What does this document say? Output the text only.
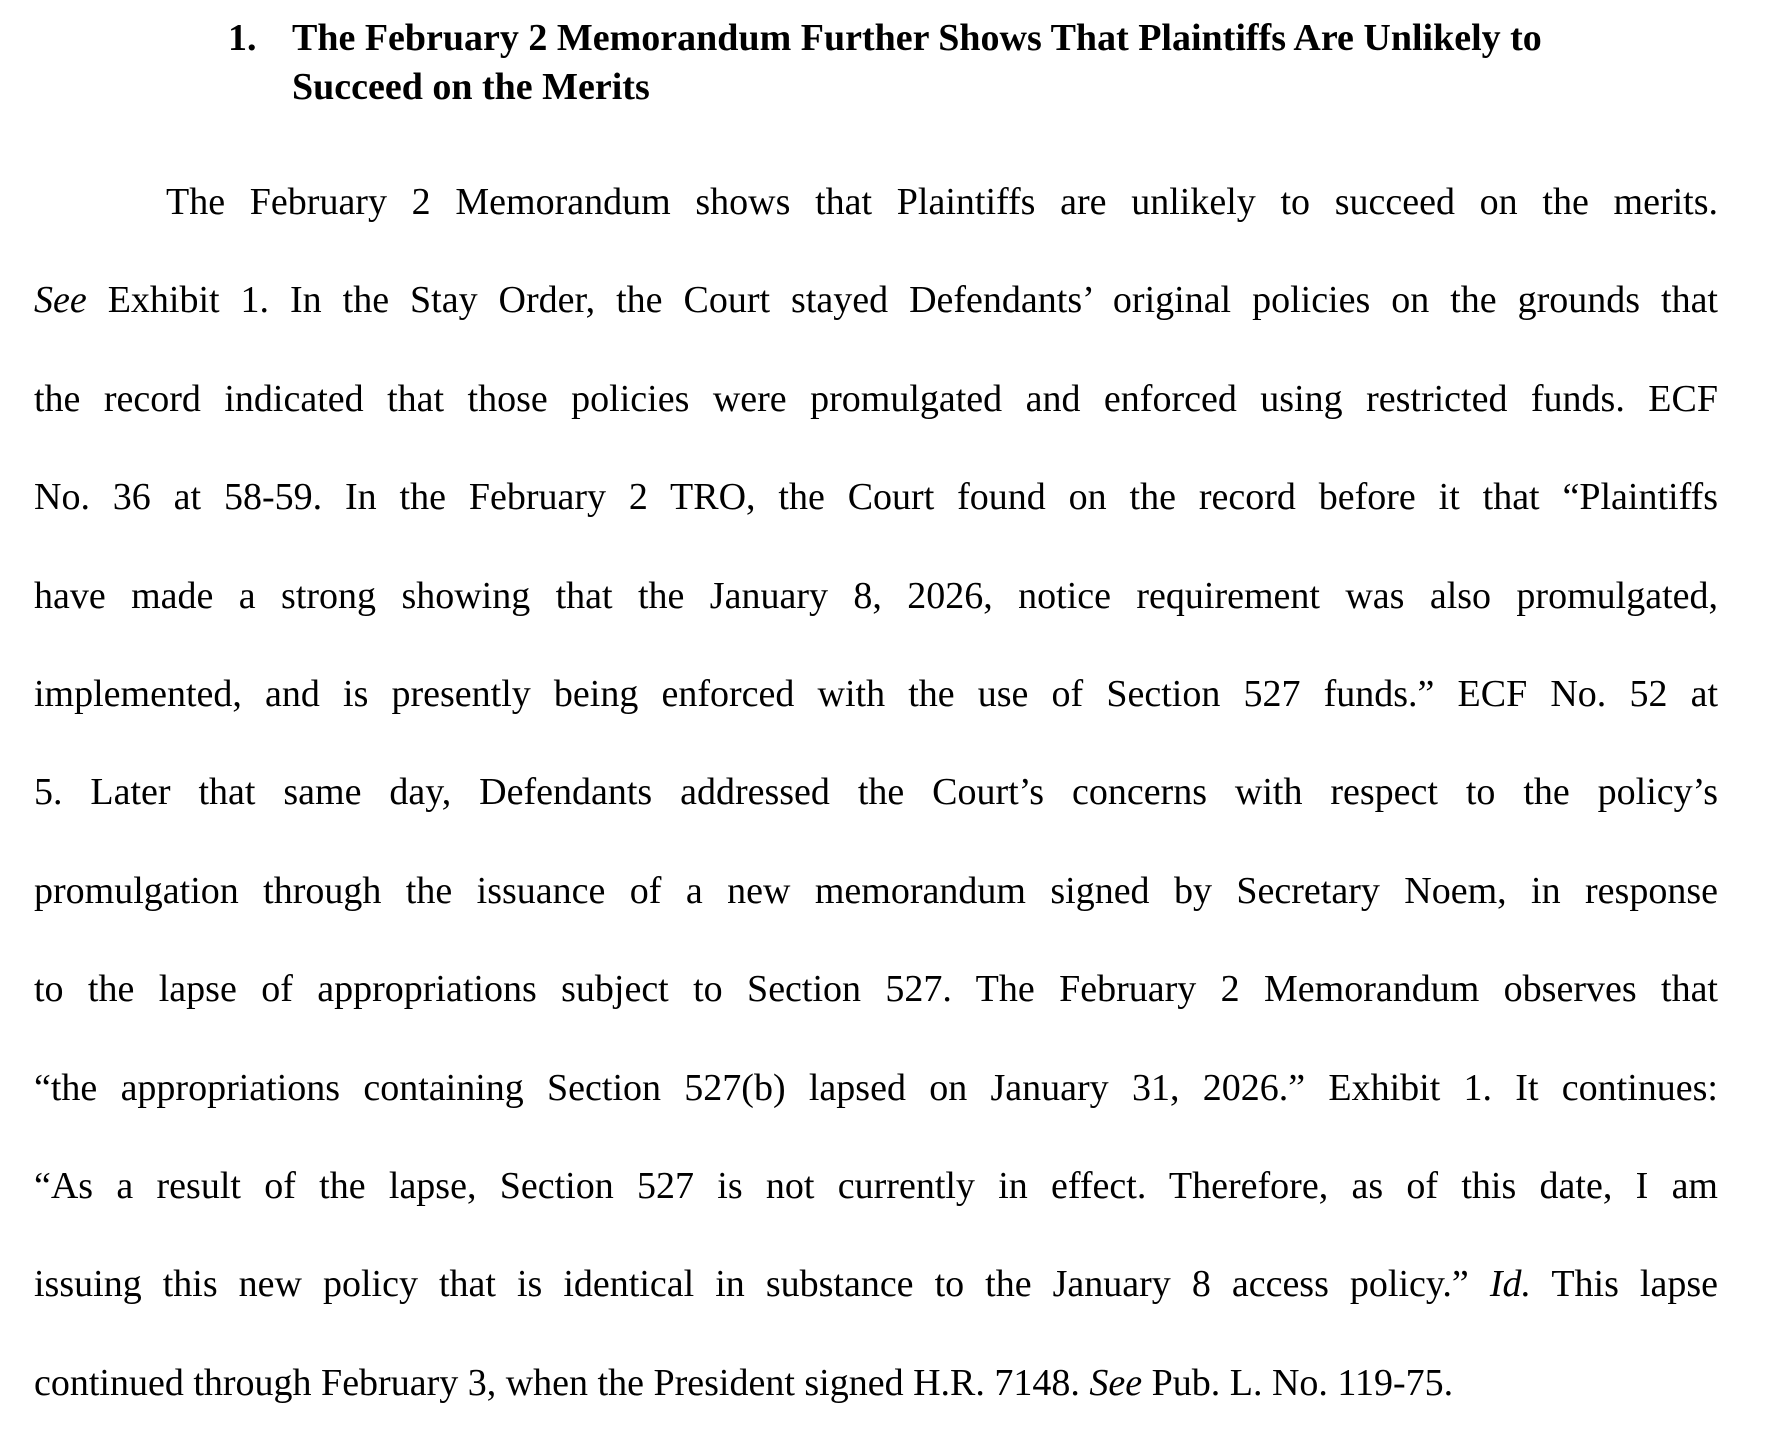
1. The February 2 Memorandum Further Shows That Plaintiffs Are Unlikely to
Succeed on the Merits
The February 2 Memorandum shows that Plaintiffs are unlikely to succeed on the merits.
See Exhibit 1. In the Stay Order, the Court stayed Defendants’ original policies on the grounds that
the record indicated that those policies were promulgated and enforced using restricted funds. ECF
No. 36 at 58-59. In the February 2 TRO, the Court found on the record before it that “Plaintiffs
have made a strong showing that the January 8, 2026, notice requirement was also promulgated,
implemented, and is presently being enforced with the use of Section 527 funds.” ECF No. 52 at
5. Later that same day, Defendants addressed the Court’s concerns with respect to the policy’s
promulgation through the issuance of a new memorandum signed by Secretary Noem, in response
to the lapse of appropriations subject to Section 527. The February 2 Memorandum observes that
“the appropriations containing Section 527(b) lapsed on January 31, 2026.” Exhibit 1. It continues:
“As a result of the lapse, Section 527 is not currently in effect. Therefore, as of this date, I am
issuing this new policy that is identical in substance to the January 8 access policy.” Id. This lapse
continued through February 3, when the President signed H.R. 7148. See Pub. L. No. 119-75.
